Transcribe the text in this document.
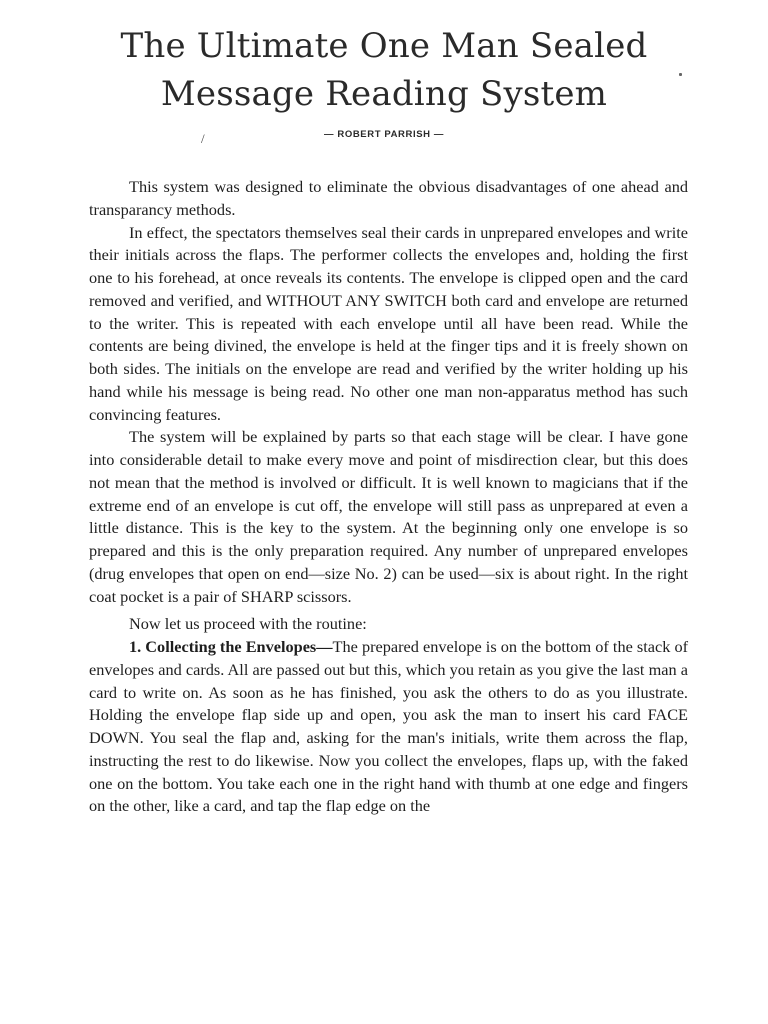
The Ultimate One Man Sealed
Message Reading System
/	— ROBERT PARRISH —

This system was designed to eliminate the obvious disadvantages of one ahead and transparancy methods.

In effect, the spectators themselves seal their cards in unprepared envelopes and write their initials across the flaps. The performer collects the envelopes and, holding the first one to his forehead, at once reveals its contents. The envelope is clipped open and the card removed and verified, and WITHOUT ANY SWITCH both card and envelope are returned to the writer. This is repeated with each envelope until all have been read. While the contents are being divined, the envelope is held at the finger tips and it is freely shown on both sides. The initials on the envelope are read and verified by the writer holding up his hand while his message is being read. No other one man non-apparatus method has such convincing features.

The system will be explained by parts so that each stage will be clear. I have gone into considerable detail to make every move and point of misdirection clear, but this does not mean that the method is involved or difficult. It is well known to magicians that if the extreme end of an envelope is cut off, the envelope will still pass as unprepared at even a little distance. This is the key to the system. At the beginning only one envelope is so prepared and this is the only preparation required. Any number of unprepared envelopes (drug envelopes that open on end—size No. 2) can be used—six is about right. In the right coat pocket is a pair of SHARP scissors.

Now let us proceed with the routine:

1. Collecting the Envelopes—The prepared envelope is on the bottom of the stack of envelopes and cards. All are passed out but this, which you retain as you give the last man a card to write on. As soon as he has finished, you ask the others to do as you illustrate. Holding the envelope flap side up and open, you ask the man to insert his card FACE DOWN. You seal the flap and, asking for the man's initials, write them across the flap, instructing the rest to do likewise. Now you collect the envelopes, flaps up, with the faked one on the bottom. You take each one in the right hand with thumb at one edge and fingers on the other, like a card, and tap the flap edge on the
